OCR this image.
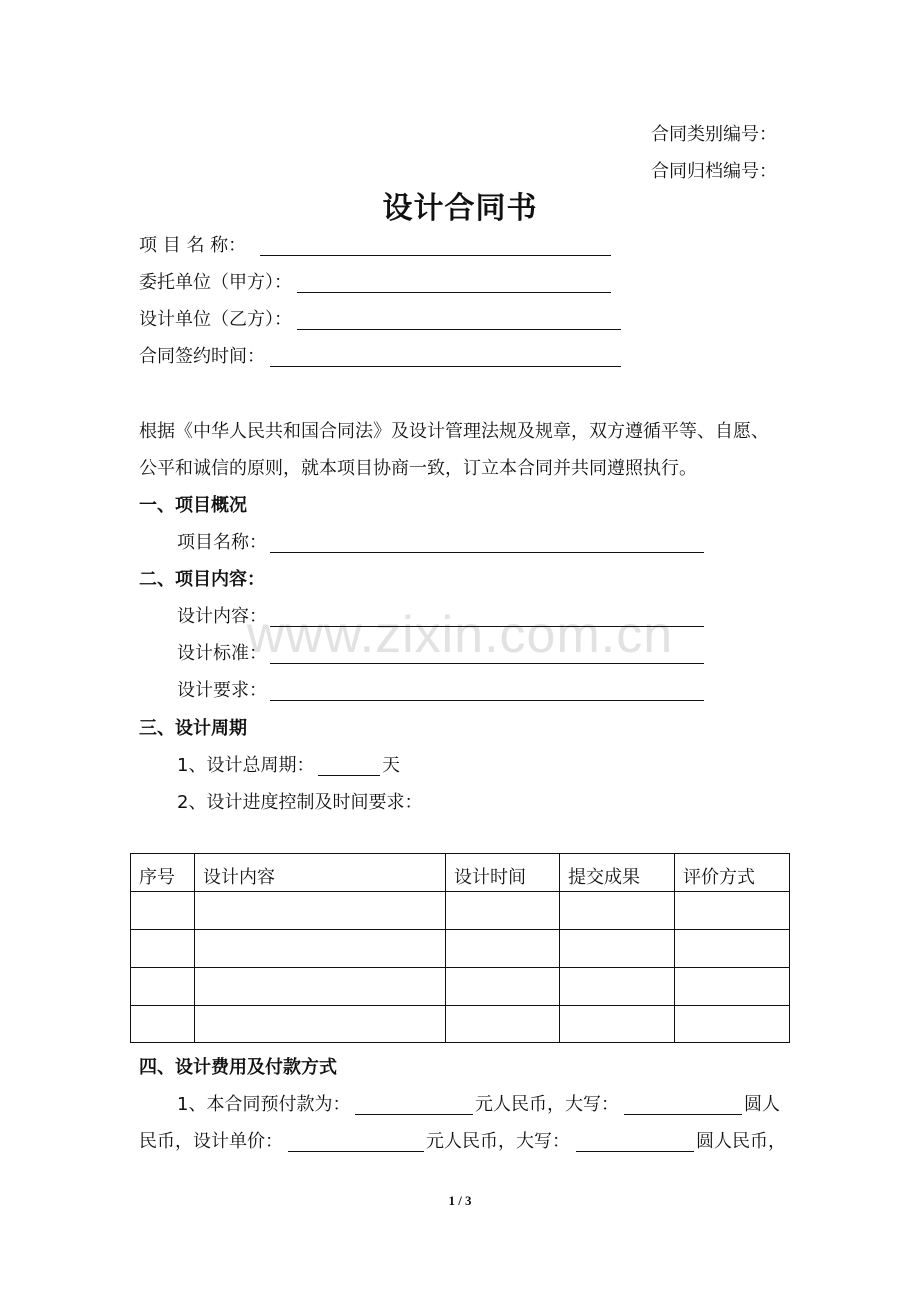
合同类别编号：
合同归档编号：
设计合同书
项 目 名 称：
委托单位（甲方）：
设计单位（乙方）：
合同签约时间：
根据《中华人民共和国合同法》及设计管理法规及规章，双方遵循平等、自愿、
公平和诚信的原则，就本项目协商一致，订立本合同并共同遵照执行。
一、项目概况
项目名称：
二、项目内容：
www.zixin.com.cn
设计内容：
设计标准：
设计要求：
三、设计周期
1、设计总周期：	天
2、设计进度控制及时间要求：
序号	设计内容	设计时间	提交成果	评价方式

四、设计费用及付款方式
1、本合同预付款为：	元人民币，大写：	圆人
民币，设计单价：	元人民币，大写：	圆人民币，
1 / 3
